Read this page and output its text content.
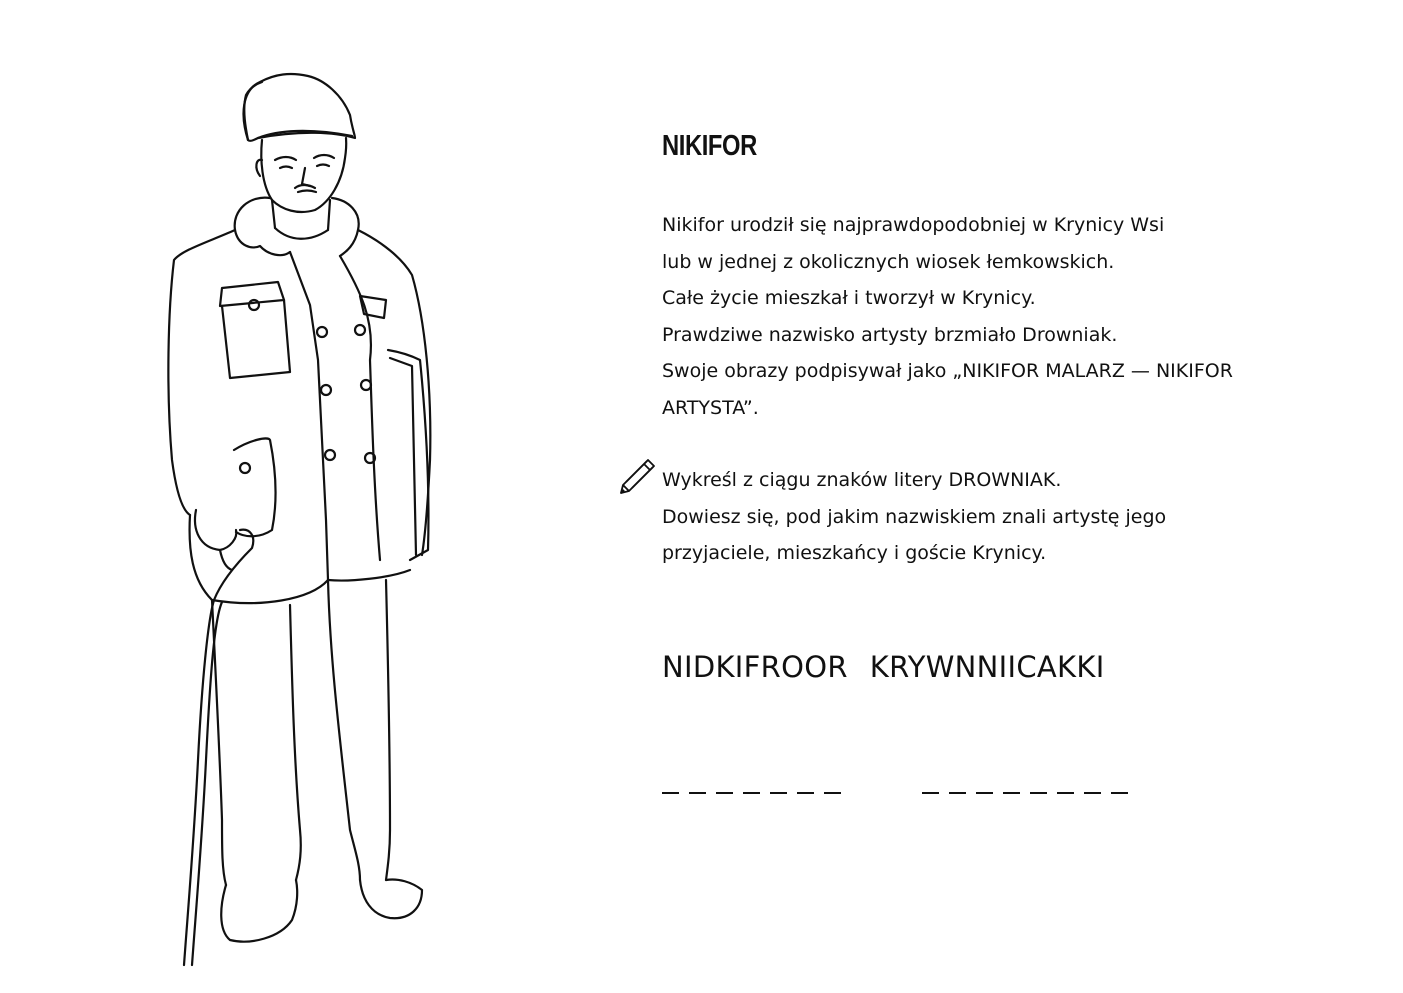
NIKIFOR

Nikifor urodził się najprawdopodobniej w Krynicy Wsi
lub w jednej z okolicznych wiosek łemkowskich.
Całe życie mieszkał i tworzył w Krynicy.
Prawdziwe nazwisko artysty brzmiało Drowniak.
Swoje obrazy podpisywał jako „NIKIFOR MALARZ — NIKIFOR
ARTYSTA”.

Wykreśl z ciągu znaków litery DROWNIAK.
Dowiesz się, pod jakim nazwiskiem znali artystę jego
przyjaciele, mieszkańcy i goście Krynicy.

NIDKIFROOR KRYWNNIICAKKI
